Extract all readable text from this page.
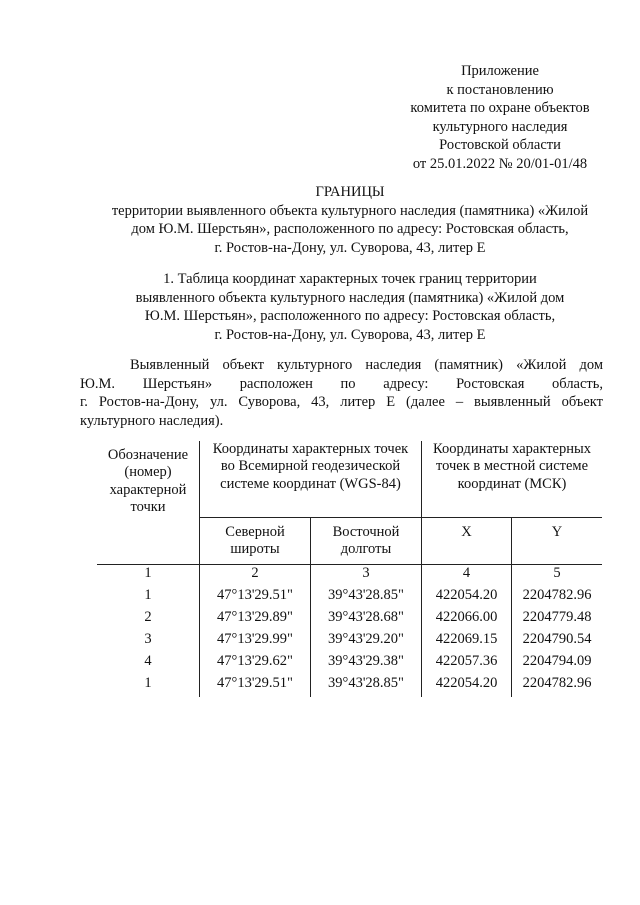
Приложение
к постановлению
комитета по охране объектов
культурного наследия
Ростовской области
от 25.01.2022 № 20/01-01/48
ГРАНИЦЫ
территории выявленного объекта культурного наследия (памятника) «Жилой
дом Ю.М. Шерстьян», расположенного по адресу: Ростовская область,
г. Ростов-на-Дону, ул. Суворова, 43, литер Е
1. Таблица координат характерных точек границ территории
выявленного объекта культурного наследия (памятника) «Жилой дом
Ю.М. Шерстьян», расположенного по адресу: Ростовская область,
г. Ростов-на-Дону, ул. Суворова, 43, литер Е
Выявленный объект культурного наследия (памятник) «Жилой дом
Ю.М. Шерстьян» расположен по адресу: Ростовская область,
г. Ростов-на-Дону, ул. Суворова, 43, литер Е (далее – выявленный объект
культурного наследия).
Обозначение (номер) характерной точки	Координаты характерных точек во Всемирной геодезической системе координат (WGS-84)		Координаты характерных точек в местной системе координат (МСК)	
	Северной широты	Восточной долготы	X	Y
1	2	3	4	5
1	47°13'29.51"	39°43'28.85"	422054.20	2204782.96
2	47°13'29.89"	39°43'28.68"	422066.00	2204779.48
3	47°13'29.99"	39°43'29.20"	422069.15	2204790.54
4	47°13'29.62"	39°43'29.38"	422057.36	2204794.09
1	47°13'29.51"	39°43'28.85"	422054.20	2204782.96
